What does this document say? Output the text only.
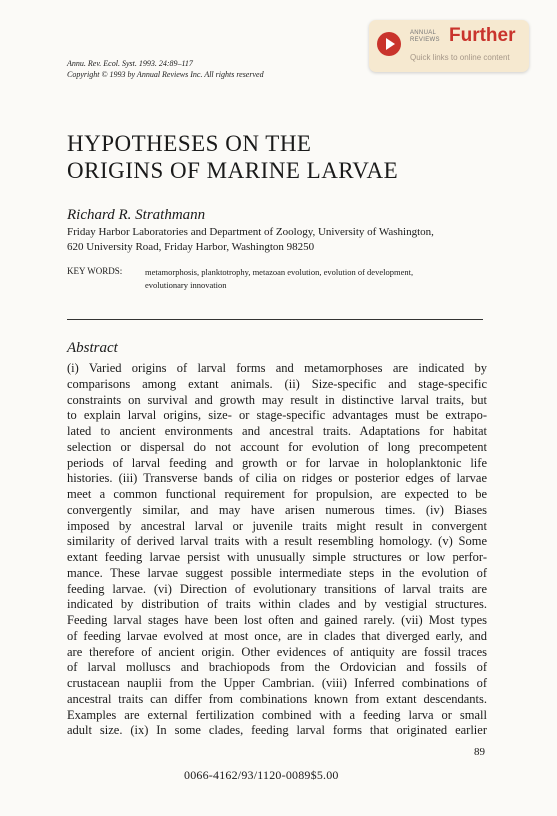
Annu. Rev. Ecol. Syst. 1993. 24:89–117
Copyright © 1993 by Annual Reviews Inc. All rights reserved
ANNUAL
REVIEWS Further
Quick links to online content
HYPOTHESES ON THE
ORIGINS OF MARINE LARVAE
Richard R. Strathmann
Friday Harbor Laboratories and Department of Zoology, University of Washington,
620 University Road, Friday Harbor, Washington 98250
KEY WORDS:	metamorphosis, planktotrophy, metazoan evolution, evolution of development,
evolutionary innovation
Abstract

(i) Varied origins of larval forms and metamorphoses are indicated by

comparisons among extant animals. (ii) Size-specific and stage-specific

constraints on survival and growth may result in distinctive larval traits, but

to explain larval origins, size- or stage-specific advantages must be extrapo-

lated to ancient environments and ancestral traits. Adaptations for habitat

selection or dispersal do not account for evolution of long precompetent

periods of larval feeding and growth or for larvae in holoplanktonic life

histories. (iii) Transverse bands of cilia on ridges or posterior edges of larvae

meet a common functional requirement for propulsion, are expected to be

convergently similar, and may have arisen numerous times. (iv) Biases

imposed by ancestral larval or juvenile traits might result in convergent

similarity of derived larval traits with a result resembling homology. (v) Some

extant feeding larvae persist with unusually simple structures or low perfor-

mance. These larvae suggest possible intermediate steps in the evolution of

feeding larvae. (vi) Direction of evolutionary transitions of larval traits are

indicated by distribution of traits within clades and by vestigial structures.

Feeding larval stages have been lost often and gained rarely. (vii) Most types

of feeding larvae evolved at most once, are in clades that diverged early, and

are therefore of ancient origin. Other evidences of antiquity are fossil traces

of larval molluscs and brachiopods from the Ordovician and fossils of

crustacean nauplii from the Upper Cambrian. (viii) Inferred combinations of

ancestral traits can differ from combinations known from extant descendants.

Examples are external fertilization combined with a feeding larva or small

adult size. (ix) In some clades, feeding larval forms that originated earlier

89
0066-4162/93/1120-0089$5.00
